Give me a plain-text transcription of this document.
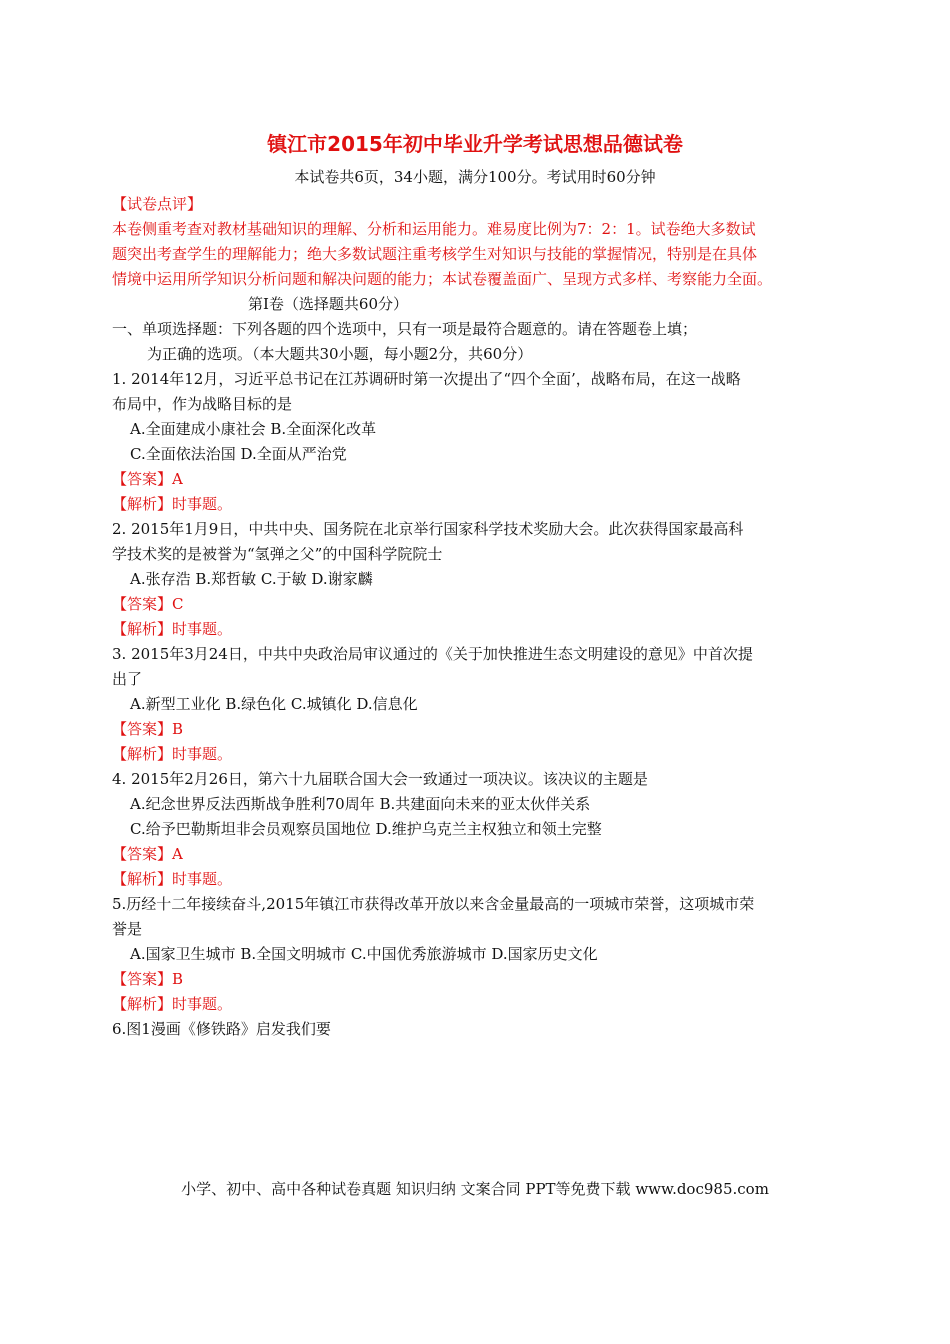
镇江市2015年初中毕业升学考试思想品德试卷
本试卷共6页，34小题，满分100分。考试用时60分钟
【试卷点评】
本卷侧重考查对教材基础知识的理解、分析和运用能力。难易度比例为7：2：1。试卷绝大多数试
题突出考查学生的理解能力；绝大多数试题注重考核学生对知识与技能的掌握情况，特别是在具体
情境中运用所学知识分析问题和解决问题的能力；本试卷覆盖面广、呈现方式多样、考察能力全面。
第Ⅰ卷（选择题共60分）
一、单项选择题：下列各题的四个选项中，只有一项是最符合题意的。请在答题卷上填；
为正确的选项。（本大题共30小题，每小题2分，共60分）
1. 2014年12月，习近平总书记在江苏调研时第一次提出了“四个全面’，战略布局，在这一战略
布局中，作为战略目标的是
A.全面建成小康社会 B.全面深化改革
C.全面依法治国 D.全面从严治党
【答案】A
【解析】时事题。
2. 2015年1月9日，中共中央、国务院在北京举行国家科学技术奖励大会。此次获得国家最高科
学技术奖的是被誉为“氢弹之父”的中国科学院院士
A.张存浩 B.郑哲敏 C.于敏 D.谢家麟
【答案】C
【解析】时事题。
3. 2015年3月24日，中共中央政治局审议通过的《关于加快推进生态文明建设的意见》中首次提
出了
A.新型工业化 B.绿色化 C.城镇化 D.信息化
【答案】B
【解析】时事题。
4. 2015年2月26日，第六十九届联合国大会一致通过一项决议。该决议的主题是
A.纪念世界反法西斯战争胜利70周年 B.共建面向未来的亚太伙伴关系
C.给予巴勒斯坦非会员观察员国地位 D.维护乌克兰主权独立和领土完整
【答案】A
【解析】时事题。
5.历经十二年接续奋斗,2015年镇江市获得改革开放以来含金量最高的一项城市荣誉，这项城市荣
誉是
A.国家卫生城市 B.全国文明城市 C.中国优秀旅游城市 D.国家历史文化
【答案】B
【解析】时事题。
6.图1漫画《修铁路》启发我们要
小学、初中、高中各种试卷真题 知识归纳 文案合同 PPT等免费下载 www.doc985.com
